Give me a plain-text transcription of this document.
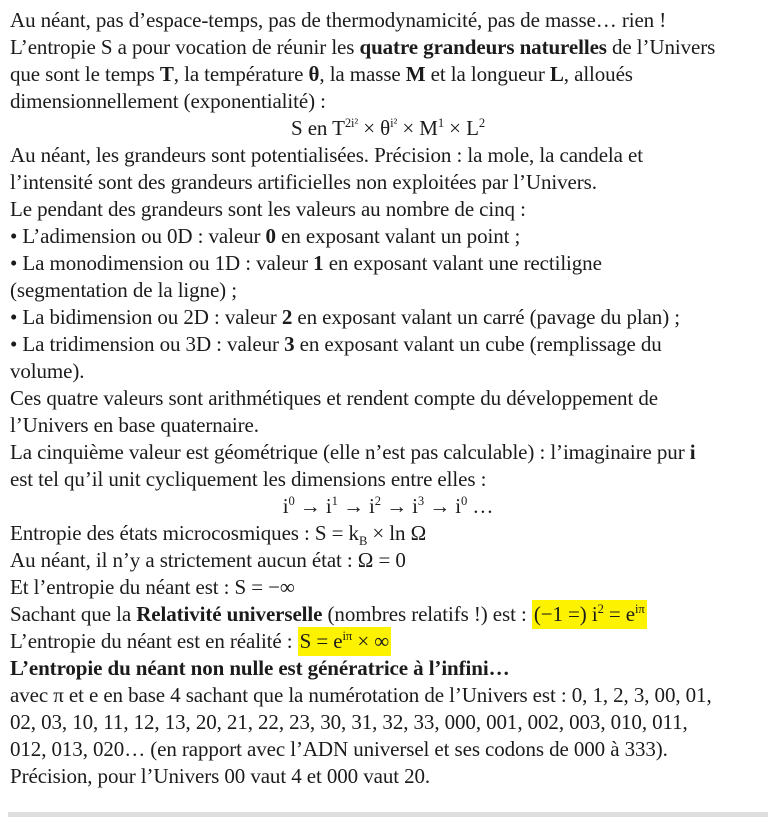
Au néant, pas d’espace-temps, pas de thermodynamicité, pas de masse… rien !
L’entropie S a pour vocation de réunir les quatre grandeurs naturelles de l’Univers
que sont le temps T, la température θ, la masse M et la longueur L, alloués
dimensionnellement (exponentialité) :
S en $T^{2i^2} \times \theta^{i^2} \times M^1 \times L^2$
Au néant, les grandeurs sont potentialisées. Précision : la mole, la candela et
l’intensité sont des grandeurs artificielles non exploitées par l’Univers.
Le pendant des grandeurs sont les valeurs au nombre de cinq :
• L’adimension ou 0D : valeur 0 en exposant valant un point ;
• La monodimension ou 1D : valeur 1 en exposant valant une rectiligne
(segmentation de la ligne) ;
• La bidimension ou 2D : valeur 2 en exposant valant un carré (pavage du plan) ;
• La tridimension ou 3D : valeur 3 en exposant valant un cube (remplissage du
volume).
Ces quatre valeurs sont arithmétiques et rendent compte du développement de
l’Univers en base quaternaire.
La cinquième valeur est géométrique (elle n’est pas calculable) : l’imaginaire pur i
est tel qu’il unit cycliquement les dimensions entre elles :
$i^0 \to i^1 \to i^2 \to i^3 \to i^0$ …
Entropie des états microcosmiques : $S = k_B \times \ln \Omega$
Au néant, il n’y a strictement aucun état : Ω = 0
Et l’entropie du néant est : S = −∞
Sachant que la Relativité universelle (nombres relatifs !) est : (−1 =) $i^2 = e^{i\pi}$
L’entropie du néant est en réalité : $S = e^{i\pi}$ × ∞
L’entropie du néant non nulle est génératrice à l’infini…
avec π et e en base 4 sachant que la numérotation de l’Univers est : 0, 1, 2, 3, 00, 01,
02, 03, 10, 11, 12, 13, 20, 21, 22, 23, 30, 31, 32, 33, 000, 001, 002, 003, 010, 011,
012, 013, 020… (en rapport avec l’ADN universel et ses codons de 000 à 333).
Précision, pour l’Univers 00 vaut 4 et 000 vaut 20.
